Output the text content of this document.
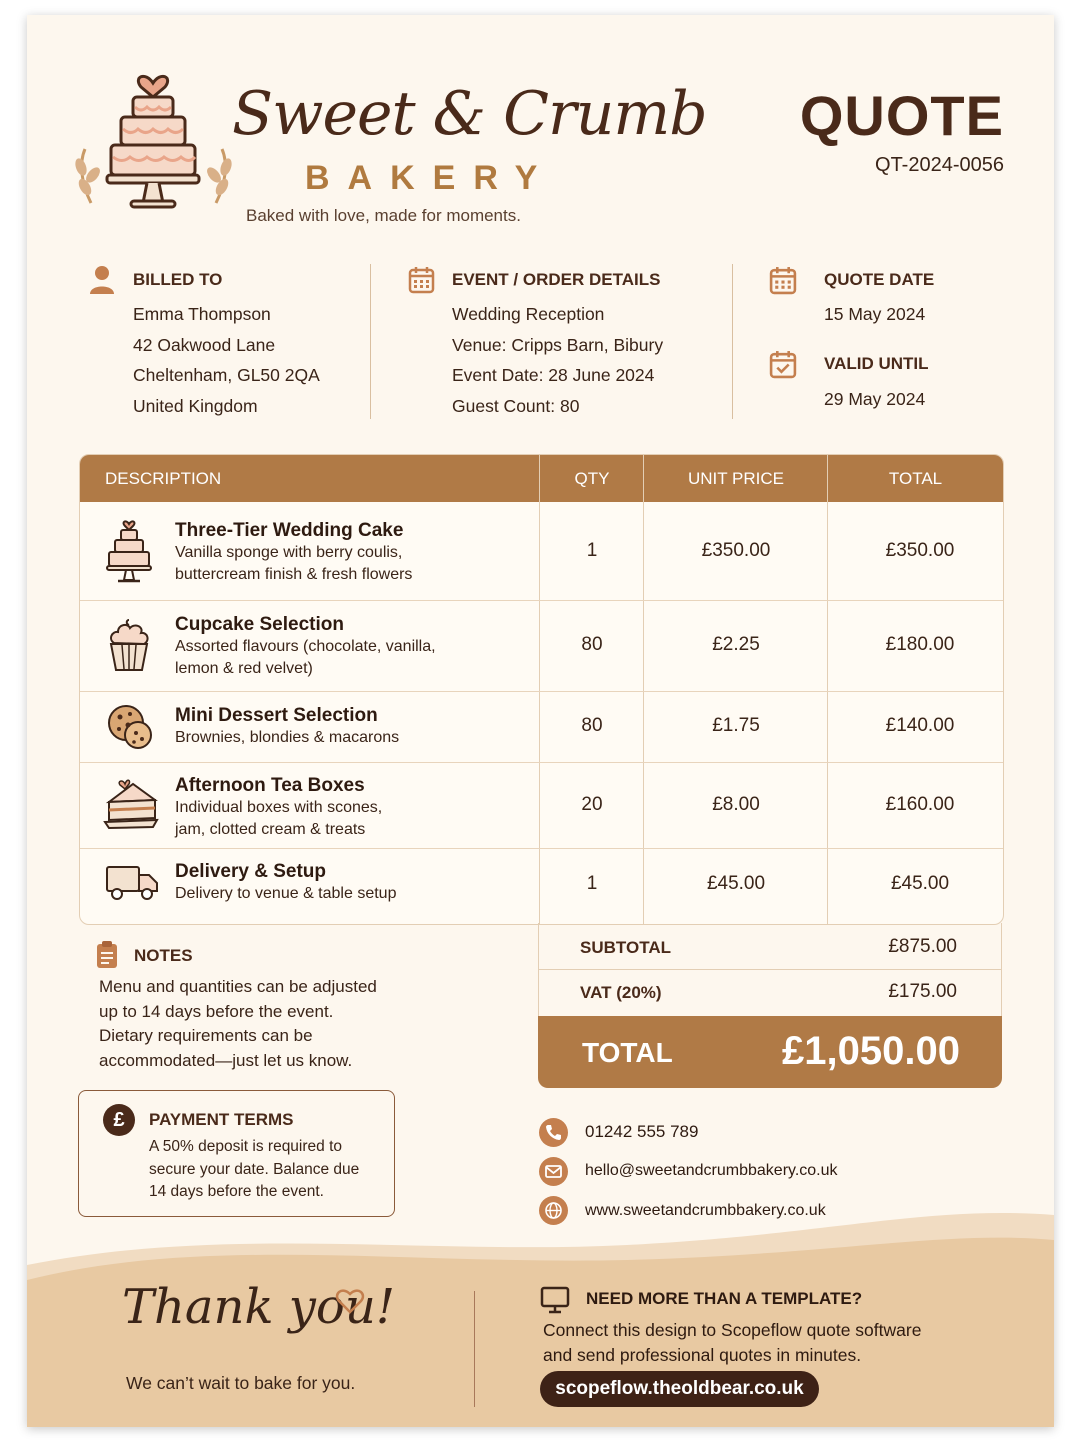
Sweet & Crumb
BAKERY
Baked with love, made for moments.
QUOTE
QT-2024-0056
BILLED TO
Emma Thompson
42 Oakwood Lane
Cheltenham, GL50 2QA
United Kingdom
EVENT / ORDER DETAILS
Wedding Reception
Venue: Cripps Barn, Bibury
Event Date: 28 June 2024
Guest Count: 80
QUOTE DATE
15 May 2024
VALID UNTIL
29 May 2024
DESCRIPTION	QTY	UNIT PRICE	TOTAL
Three-Tier Wedding Cake
Vanilla sponge with berry coulis,
buttercream finish & fresh flowers
1	£350.00	£350.00
Cupcake Selection
Assorted flavours (chocolate, vanilla,
lemon & red velvet)
80	£2.25	£180.00
Mini Dessert Selection
Brownies, blondies & macarons
80	£1.75	£140.00
Afternoon Tea Boxes
Individual boxes with scones,
jam, clotted cream & treats
20	£8.00	£160.00
Delivery & Setup
Delivery to venue & table setup	1	£45.00	£45.00
SUBTOTAL	£875.00
VAT (20%)	£175.00
TOTAL	£1,050.00
NOTES
Menu and quantities can be adjusted
up to 14 days before the event.
Dietary requirements can be
accommodated—just let us know.
£	PAYMENT TERMS
A 50% deposit is required to
secure your date. Balance due
14 days before the event.
01242 555 789
hello@sweetandcrumbbakery.co.uk
www.sweetandcrumbbakery.co.uk
Thank you!
We can’t wait to bake for you.
NEED MORE THAN A TEMPLATE?
Connect this design to Scopeflow quote software
and send professional quotes in minutes.
scopeflow.theoldbear.co.uk
